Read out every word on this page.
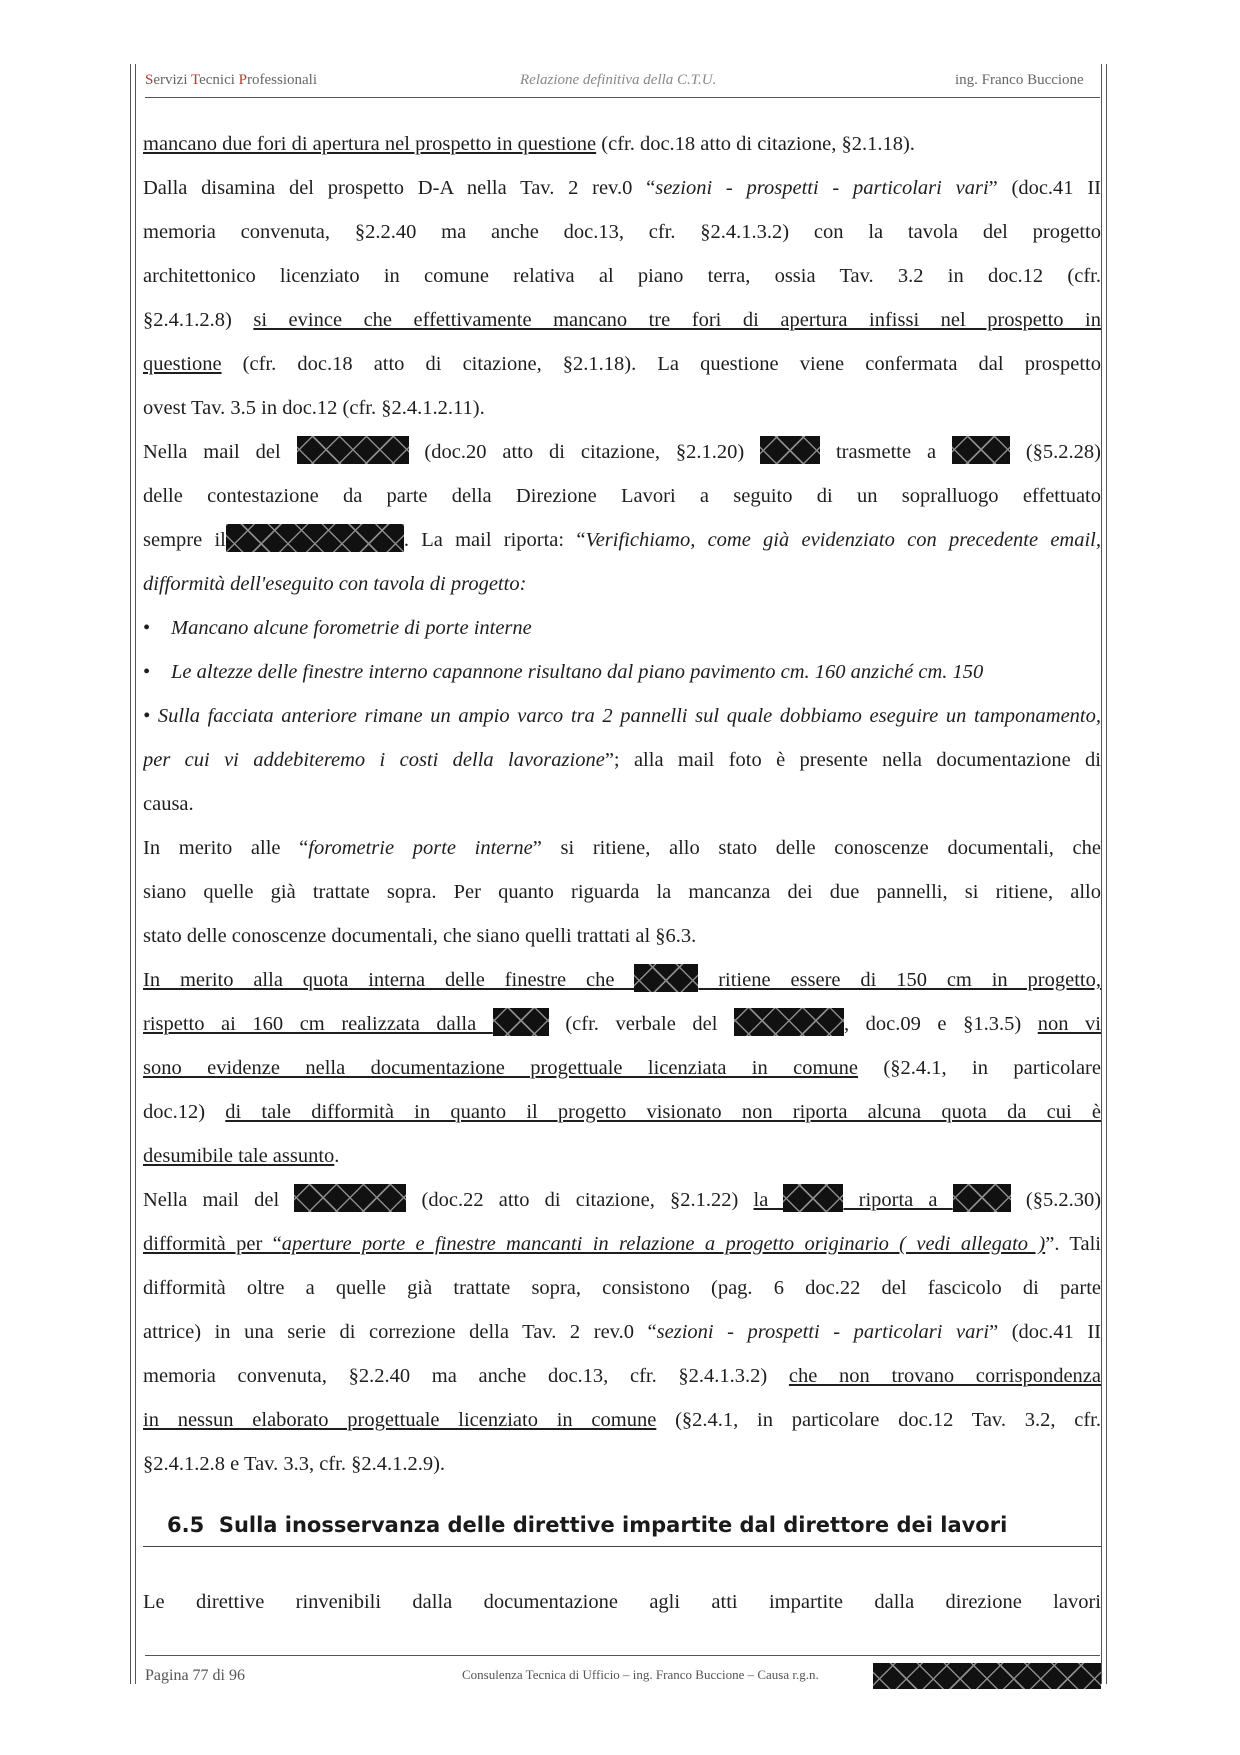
Servizi Tecnici Professionali	Relazione definitiva della C.T.U.	ing. Franco Buccione
mancano due fori di apertura nel prospetto in questione (cfr. doc.18 atto di citazione, §2.1.18).
Dalla disamina del prospetto D-A nella Tav. 2 rev.0 “sezioni - prospetti - particolari vari” (doc.41 II
memoria convenuta, §2.2.40 ma anche doc.13, cfr. §2.4.1.3.2) con la tavola del progetto
architettonico licenziato in comune relativa al piano terra, ossia Tav. 3.2 in doc.12 (cfr.
§2.4.1.2.8) si evince che effettivamente mancano tre fori di apertura infissi nel prospetto in
questione (cfr. doc.18 atto di citazione, §2.1.18). La questione viene confermata dal prospetto
ovest Tav. 3.5 in doc.12 (cfr. §2.4.1.2.11).
Nella mail del	(doc.20 atto di citazione, §2.1.20)	trasmette a	(§5.2.28)
delle contestazione da parte della Direzione Lavori a seguito di un sopralluogo effettuato
sempre il	. La mail riporta: “Verifichiamo, come già evidenziato con precedente email,
difformità dell'eseguito con tavola di progetto:
• Mancano alcune forometrie di porte interne
• Le altezze delle finestre interno capannone risultano dal piano pavimento cm. 160 anziché cm. 150
• Sulla facciata anteriore rimane un ampio varco tra 2 pannelli sul quale dobbiamo eseguire un tamponamento,
per cui vi addebiteremo i costi della lavorazione”; alla mail foto è presente nella documentazione di
causa.
In merito alle “forometrie porte interne” si ritiene, allo stato delle conoscenze documentali, che
siano quelle già trattate sopra. Per quanto riguarda la mancanza dei due pannelli, si ritiene, allo
stato delle conoscenze documentali, che siano quelli trattati al §6.3.
In merito alla quota interna delle finestre che	ritiene essere di 150 cm in progetto,
rispetto ai 160 cm realizzata dalla	(cfr. verbale del	, doc.09 e §1.3.5) non vi
sono evidenze nella documentazione progettuale licenziata in comune (§2.4.1, in particolare
doc.12) di tale difformità in quanto il progetto visionato non riporta alcuna quota da cui è
desumibile tale assunto.
Nella mail del	(doc.22 atto di citazione, §2.1.22) la	riporta a	(§5.2.30)
difformità per “aperture porte e finestre mancanti in relazione a progetto originario ( vedi allegato )”. Tali
difformità oltre a quelle già trattate sopra, consistono (pag. 6 doc.22 del fascicolo di parte
attrice) in una serie di correzione della Tav. 2 rev.0 “sezioni - prospetti - particolari vari” (doc.41 II
memoria convenuta, §2.2.40 ma anche doc.13, cfr. §2.4.1.3.2) che non trovano corrispondenza
in nessun elaborato progettuale licenziato in comune (§2.4.1, in particolare doc.12 Tav. 3.2, cfr.
§2.4.1.2.8 e Tav. 3.3, cfr. §2.4.1.2.9).
6.5 Sulla inosservanza delle direttive impartite dal direttore dei lavori
Le direttive rinvenibili dalla documentazione agli atti impartite dalla direzione lavori
Pagina 77 di 96	Consulenza Tecnica di Ufficio – ing. Franco Buccione – Causa r.g.n.
